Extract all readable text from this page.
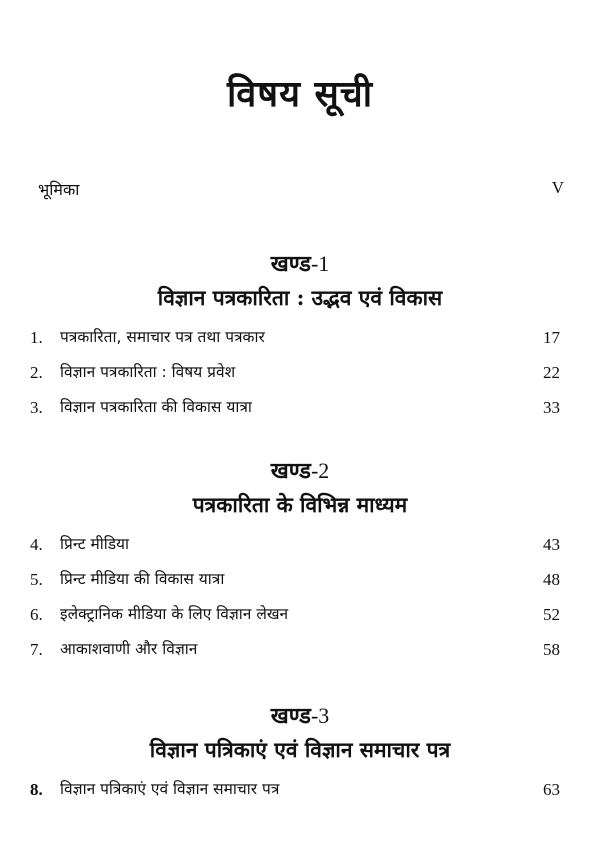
विषय सूची
भूमिका	V
खण्ड-1
विज्ञान पत्रकारिता : उद्भव एवं विकास
1. पत्रकारिता, समाचार पत्र तथा पत्रकार	17
2. विज्ञान पत्रकारिता : विषय प्रवेश	22
3. विज्ञान पत्रकारिता की विकास यात्रा	33
खण्ड-2
पत्रकारिता के विभिन्न माध्यम
4. प्रिन्ट मीडिया	43
5. प्रिन्ट मीडिया की विकास यात्रा	48
6. इलेक्ट्रानिक मीडिया के लिए विज्ञान लेखन	52
7. आकाशवाणी और विज्ञान	58
खण्ड-3
विज्ञान पत्रिकाएं एवं विज्ञान समाचार पत्र
8. विज्ञान पत्रिकाएं एवं विज्ञान समाचार पत्र	63
